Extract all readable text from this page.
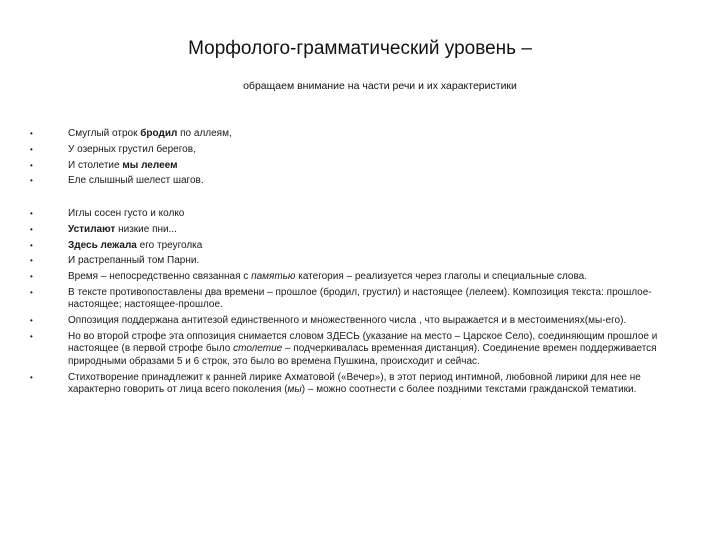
Морфолого-грамматический уровень –
обращаем внимание на части речи и их характеристики
•	Смуглый отрок бродил по аллеям,
•	У озерных грустил берегов,
•	И столетие мы лелеем
•	Еле слышный шелест шагов.
•	Иглы сосен густо и колко
•	Устилают низкие пни...
•	Здесь лежала его треуголка
•	И растрепанный том Парни.
•	Время – непосредственно связанная с памятью категория – реализуется через глаголы и специальные слова.
•	В тексте противопоставлены два времени – прошлое (бродил, грустил) и настоящее (лелеем). Композиция текста: прошлое-настоящее; настоящее-прошлое.
•	Оппозиция поддержана антитезой единственного и множественного числа , что выражается и в местоимениях(мы-его).
•	Но во второй строфе эта оппозиция снимается словом ЗДЕСЬ (указание на место – Царское Село), соединяющим прошлое и настоящее (в первой строфе было столетие – подчеркивалась временная дистанция). Соединение времен поддерживается природными образами 5 и 6 строк, это было во времена Пушкина, происходит и сейчас.
•	Стихотворение принадлежит к ранней лирике Ахматовой («Вечер»), в этот период интимной, любовной лирики для нее не характерно говорить от лица всего поколения (мы) – можно соотнести с более поздними текстами гражданской тематики.
